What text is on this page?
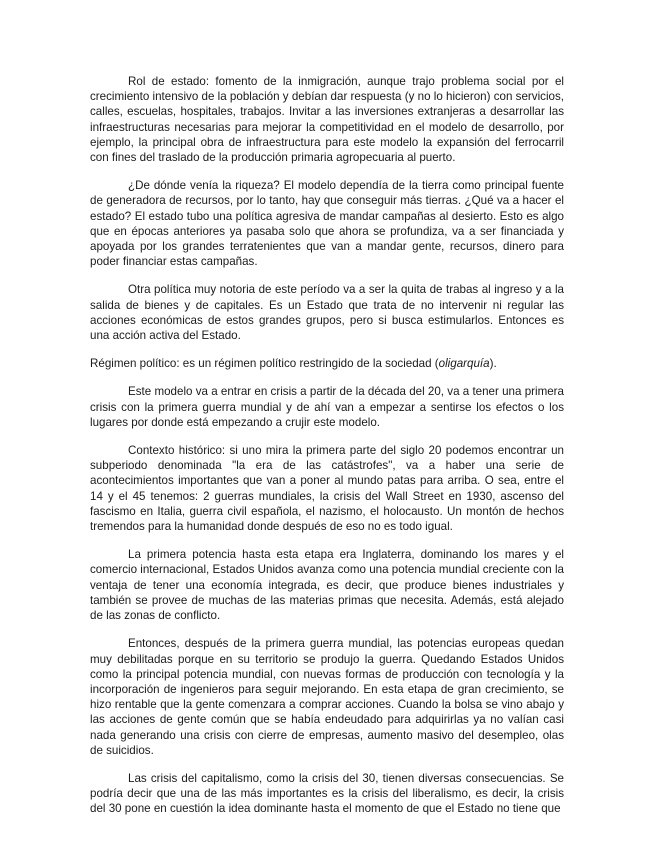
Rol de estado: fomento de la inmigración, aunque trajo problema social por el crecimiento intensivo de la población y debían dar respuesta (y no lo hicieron) con servicios, calles, escuelas, hospitales, trabajos. Invitar a las inversiones extranjeras a desarrollar las infraestructuras necesarias para mejorar la competitividad en el modelo de desarrollo, por ejemplo, la principal obra de infraestructura para este modelo la expansión del ferrocarril con fines del traslado de la producción primaria agropecuaria al puerto.

¿De dónde venía la riqueza? El modelo dependía de la tierra como principal fuente de generadora de recursos, por lo tanto, hay que conseguir más tierras. ¿Qué va a hacer el estado? El estado tubo una política agresiva de mandar campañas al desierto. Esto es algo que en épocas anteriores ya pasaba solo que ahora se profundiza, va a ser financiada y apoyada por los grandes terratenientes que van a mandar gente, recursos, dinero para poder financiar estas campañas.

Otra política muy notoria de este período va a ser la quita de trabas al ingreso y a la salida de bienes y de capitales. Es un Estado que trata de no intervenir ni regular las acciones económicas de estos grandes grupos, pero si busca estimularlos. Entonces es una acción activa del Estado.

Régimen político: es un régimen político restringido de la sociedad (oligarquía).

Este modelo va a entrar en crisis a partir de la década del 20, va a tener una primera crisis con la primera guerra mundial y de ahí van a empezar a sentirse los efectos o los lugares por donde está empezando a crujir este modelo.

Contexto histórico: si uno mira la primera parte del siglo 20 podemos encontrar un subperiodo denominada "la era de las catástrofes", va a haber una serie de acontecimientos importantes que van a poner al mundo patas para arriba. O sea, entre el 14 y el 45 tenemos: 2 guerras mundiales, la crisis del Wall Street en 1930, ascenso del fascismo en Italia, guerra civil española, el nazismo, el holocausto. Un montón de hechos tremendos para la humanidad donde después de eso no es todo igual.

La primera potencia hasta esta etapa era Inglaterra, dominando los mares y el comercio internacional, Estados Unidos avanza como una potencia mundial creciente con la ventaja de tener una economía integrada, es decir, que produce bienes industriales y también se provee de muchas de las materias primas que necesita. Además, está alejado de las zonas de conflicto.

Entonces, después de la primera guerra mundial, las potencias europeas quedan muy debilitadas porque en su territorio se produjo la guerra. Quedando Estados Unidos como la principal potencia mundial, con nuevas formas de producción con tecnología y la incorporación de ingenieros para seguir mejorando. En esta etapa de gran crecimiento, se hizo rentable que la gente comenzara a comprar acciones. Cuando la bolsa se vino abajo y las acciones de gente común que se había endeudado para adquirirlas ya no valían casi nada generando una crisis con cierre de empresas, aumento masivo del desempleo, olas de suicidios.

Las crisis del capitalismo, como la crisis del 30, tienen diversas consecuencias. Se podría decir que una de las más importantes es la crisis del liberalismo, es decir, la crisis del 30 pone en cuestión la idea dominante hasta el momento de que el Estado no tiene que
